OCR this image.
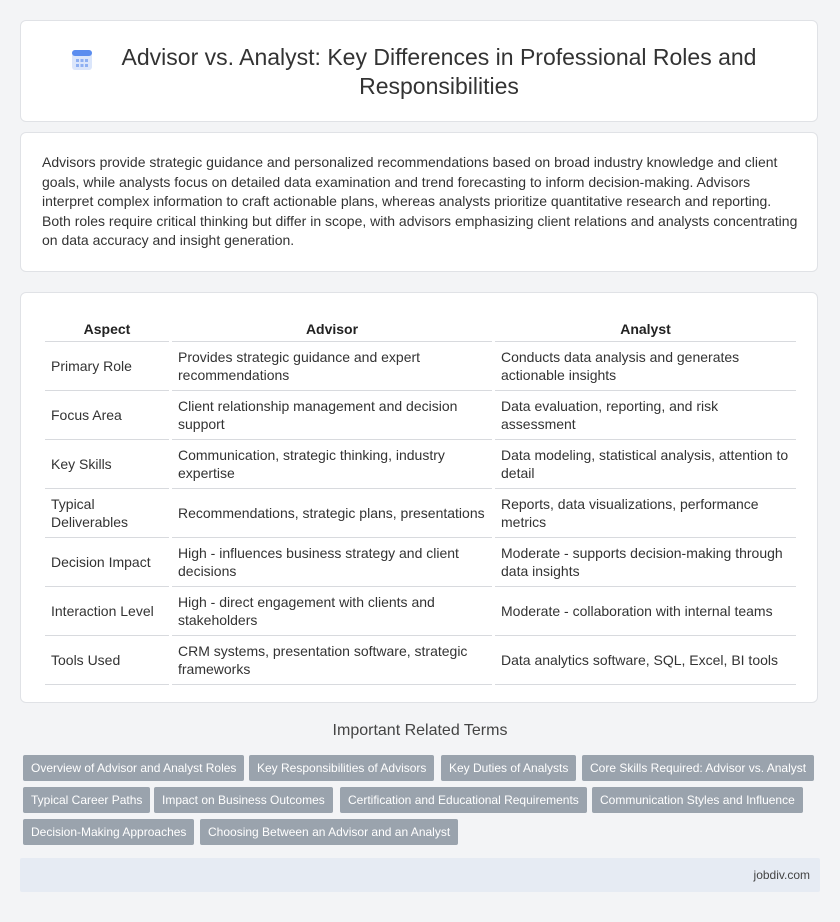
Advisor vs. Analyst: Key Differences in Professional Roles and Responsibilities

Advisors provide strategic guidance and personalized recommendations based on broad industry knowledge and client goals, while analysts focus on detailed data examination and trend forecasting to inform decision-making. Advisors interpret complex information to craft actionable plans, whereas analysts prioritize quantitative research and reporting. Both roles require critical thinking but differ in scope, with advisors emphasizing client relations and analysts concentrating on data accuracy and insight generation.

Aspect	Advisor	Analyst
Primary Role	Provides strategic guidance and expert recommendations	Conducts data analysis and generates actionable insights
Focus Area	Client relationship management and decision support	Data evaluation, reporting, and risk assessment
Key Skills	Communication, strategic thinking, industry expertise	Data modeling, statistical analysis, attention to detail
Typical Deliverables	Recommendations, strategic plans, presentations	Reports, data visualizations, performance metrics
Decision Impact	High - influences business strategy and client decisions	Moderate - supports decision-making through data insights
Interaction Level	High - direct engagement with clients and stakeholders	Moderate - collaboration with internal teams
Tools Used	CRM systems, presentation software, strategic frameworks	Data analytics software, SQL, Excel, BI tools
Important Related Terms
Overview of Advisor and Analyst Roles	Key Responsibilities of Advisors	Key Duties of Analysts	Core Skills Required: Advisor vs. Analyst
Typical Career Paths	Impact on Business Outcomes	Certification and Educational Requirements	Communication Styles and Influence
Decision-Making Approaches	Choosing Between an Advisor and an Analyst
jobdiv.com
